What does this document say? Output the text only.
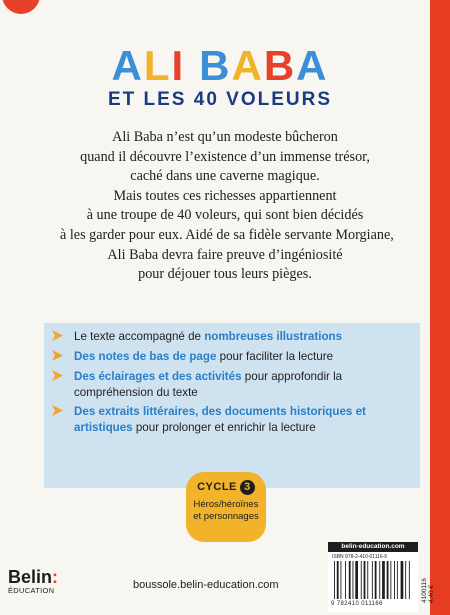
ALI BABA
ET LES 40 VOLEURS
Ali Baba n’est qu’un modeste bûcheron
quand il découvre l’existence d’un immense trésor,
caché dans une caverne magique.
Mais toutes ces richesses appartiennent
à une troupe de 40 voleurs, qui sont bien décidés
à les garder pour eux. Aidé de sa fidèle servante Morgiane,
Ali Baba devra faire preuve d’ingéniosité
pour déjouer tous leurs pièges.
Le texte accompagné de nombreuses illustrations
Des notes de bas de page pour faciliter la lecture
Des éclairages et des activités pour approfondir la compréhension du texte
Des extraits littéraires, des documents historiques et artistiques pour prolonger et enrichir la lecture
CYCLE 3
Héros/héroïnes
et personnages
Belin:
ÉDUCATION	boussole.belin-education.com
belin-education.com
ISBN 978-2-410-01116-6
9 782410 011166
4100116 4,40 €
